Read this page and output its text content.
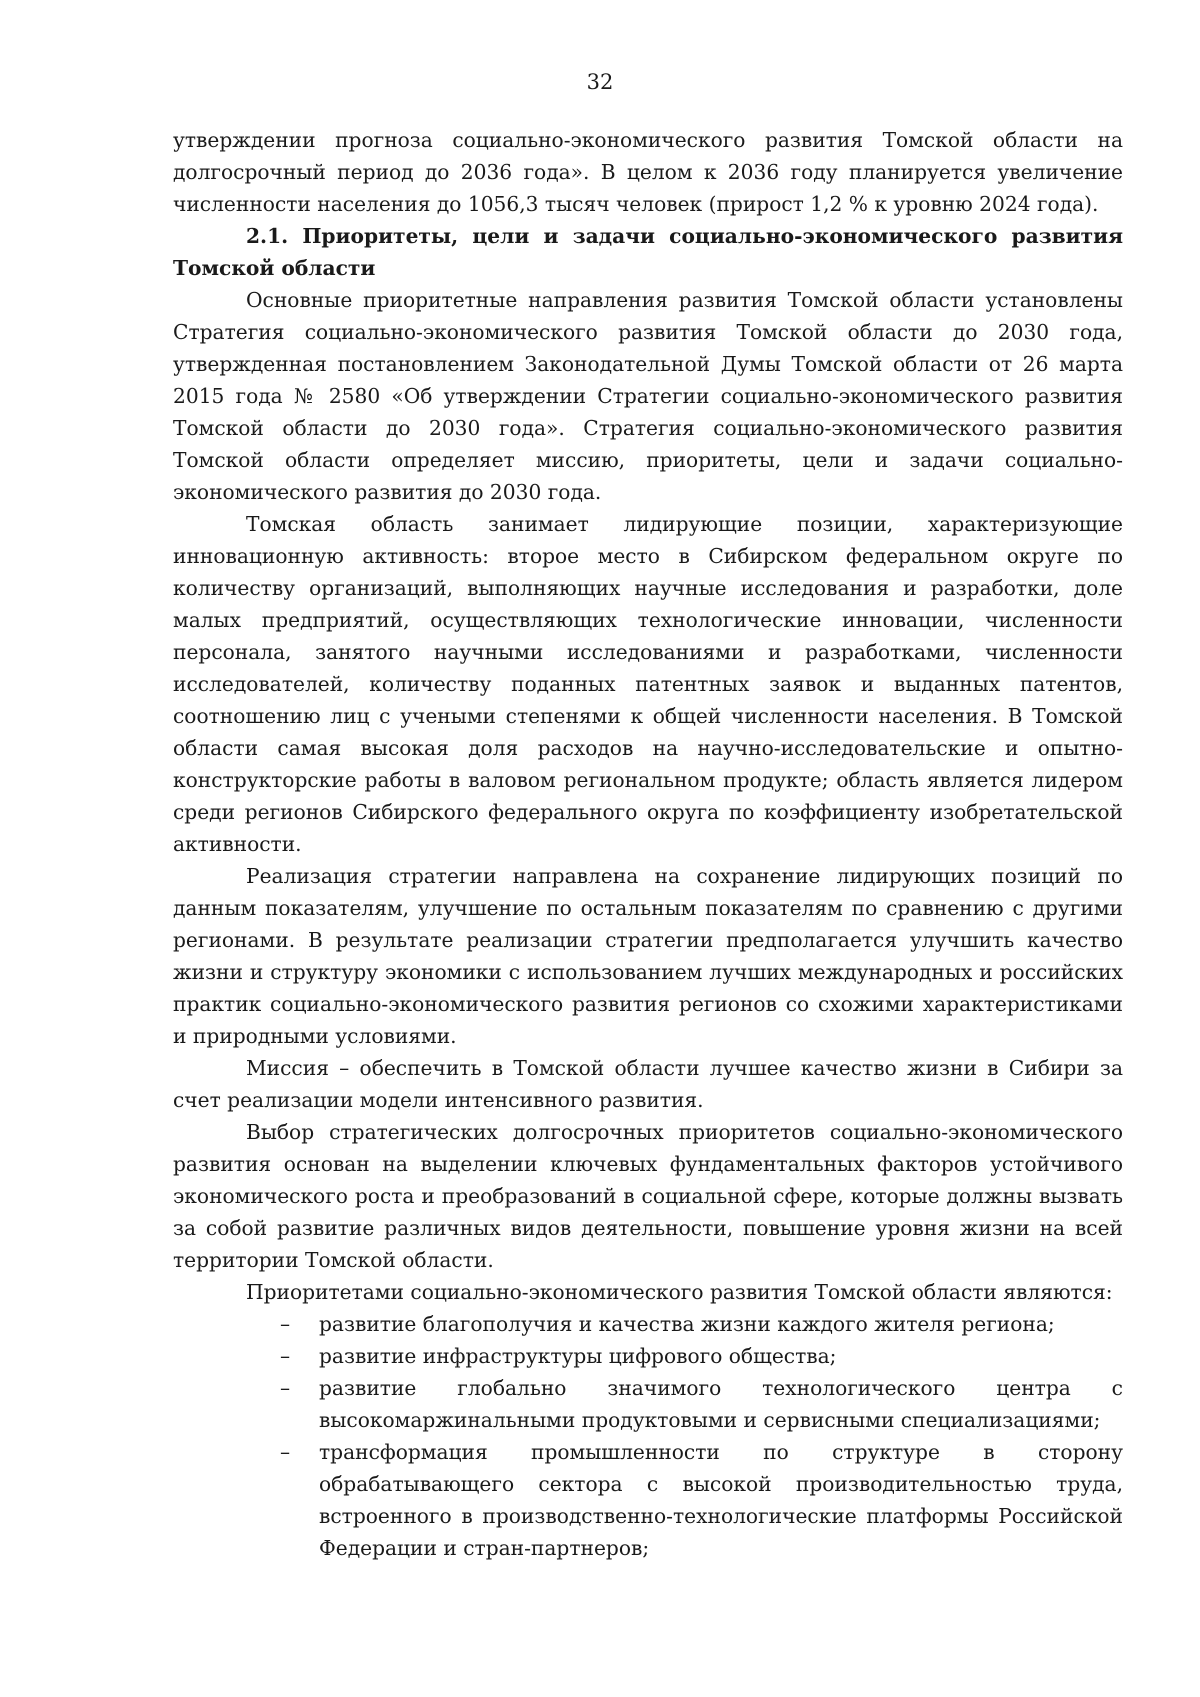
32

утверждении прогноза социально-экономического развития Томской области на долгосрочный период до 2036 года». В целом к 2036 году планируется увеличение численности населения до 1056,3 тысяч человек (прирост 1,2 % к уровню 2024 года).

2.1. Приоритеты, цели и задачи социально-экономического развития Томской области

Основные приоритетные направления развития Томской области установлены Стратегия социально-экономического развития Томской области до 2030 года, утвержденная постановлением Законодательной Думы Томской области от 26 марта 2015 года № 2580 «Об утверждении Стратегии социально-экономического развития Томской области до 2030 года». Стратегия социально-экономического развития Томской области определяет миссию, приоритеты, цели и задачи социально-экономического развития до 2030 года.

Томская область занимает лидирующие позиции, характеризующие инновационную активность: второе место в Сибирском федеральном округе по количеству организаций, выполняющих научные исследования и разработки, доле малых предприятий, осуществляющих технологические инновации, численности персонала, занятого научными исследованиями и разработками, численности исследователей, количеству поданных патентных заявок и выданных патентов, соотношению лиц с учеными степенями к общей численности населения. В Томской области самая высокая доля расходов на научно-исследовательские и опытно-конструкторские работы в валовом региональном продукте; область является лидером среди регионов Сибирского федерального округа по коэффициенту изобретательской активности.

Реализация стратегии направлена на сохранение лидирующих позиций по данным показателям, улучшение по остальным показателям по сравнению с другими регионами. В результате реализации стратегии предполагается улучшить качество жизни и структуру экономики с использованием лучших международных и российских практик социально-экономического развития регионов со схожими характеристиками и природными условиями.

Миссия – обеспечить в Томской области лучшее качество жизни в Сибири за счет реализации модели интенсивного развития.

Выбор стратегических долгосрочных приоритетов социально-экономического развития основан на выделении ключевых фундаментальных факторов устойчивого экономического роста и преобразований в социальной сфере, которые должны вызвать за собой развитие различных видов деятельности, повышение уровня жизни на всей территории Томской области.

Приоритетами социально-экономического развития Томской области являются:

– развитие благополучия и качества жизни каждого жителя региона;
– развитие инфраструктуры цифрового общества;
– развитие глобально значимого технологического центра с высокомаржинальными продуктовыми и сервисными специализациями;
– трансформация промышленности по структуре в сторону обрабатывающего сектора с высокой производительностью труда, встроенного в производственно-технологические платформы Российской Федерации и стран-партнеров;
